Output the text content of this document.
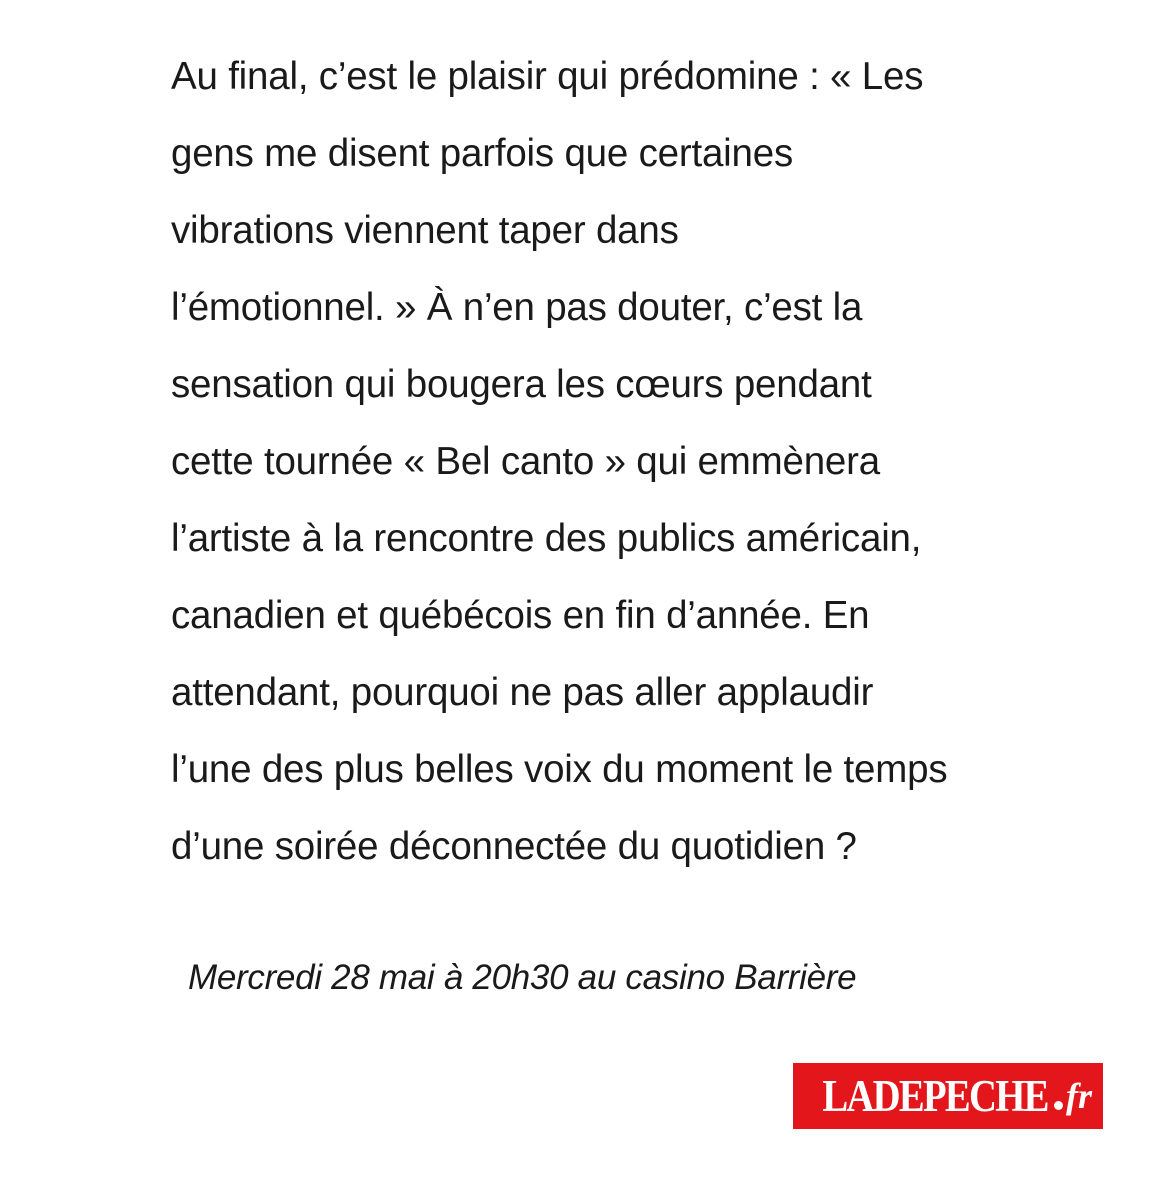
Au final, c’est le plaisir qui prédomine : « Les
gens me disent parfois que certaines
vibrations viennent taper dans
l’émotionnel. » À n’en pas douter, c’est la
sensation qui bougera les cœurs pendant
cette tournée « Bel canto » qui emmènera
l’artiste à la rencontre des publics américain,
canadien et québécois en fin d’année. En
attendant, pourquoi ne pas aller applaudir
l’une des plus belles voix du moment le temps
d’une soirée déconnectée du quotidien ?
Mercredi 28 mai à 20h30 au casino Barrière
LADEPECHE fr
